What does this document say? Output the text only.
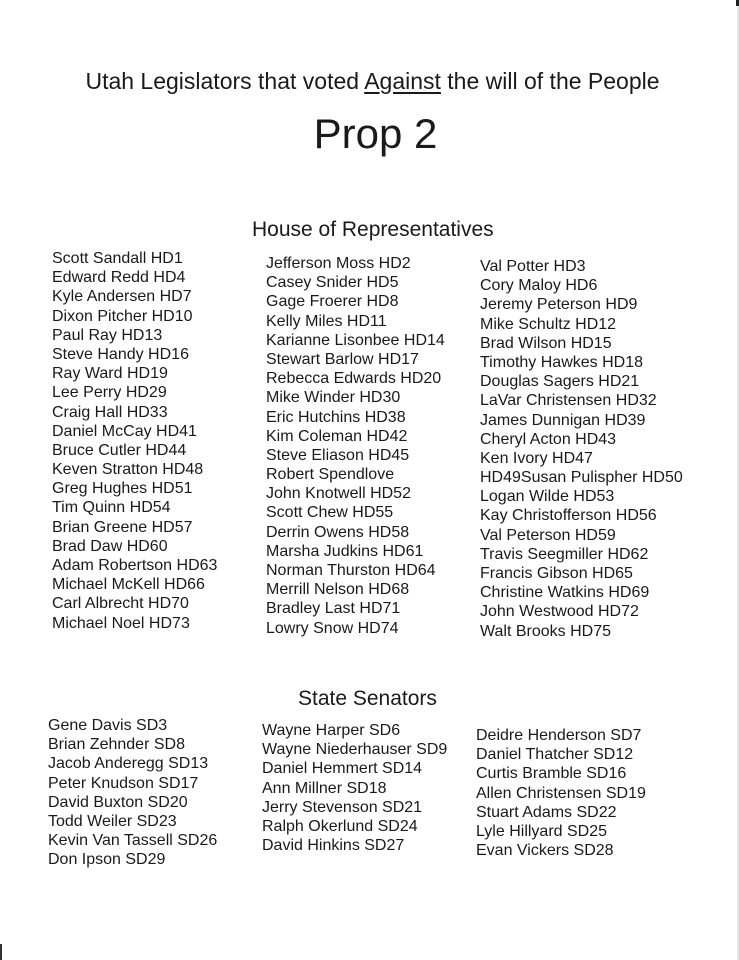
Utah Legislators that voted Against the will of the People
Prop 2
House of Representatives
Scott Sandall HD1
Edward Redd HD4
Kyle Andersen HD7
Dixon Pitcher HD10
Paul Ray HD13
Steve Handy HD16
Ray Ward HD19
Lee Perry HD29
Craig Hall HD33
Daniel McCay HD41
Bruce Cutler HD44
Keven Stratton HD48
Greg Hughes HD51
Tim Quinn HD54
Brian Greene HD57
Brad Daw HD60
Adam Robertson HD63
Michael McKell HD66
Carl Albrecht HD70
Michael Noel HD73
Jefferson Moss HD2
Casey Snider HD5
Gage Froerer HD8
Kelly Miles HD11
Karianne Lisonbee HD14
Stewart Barlow HD17
Rebecca Edwards HD20
Mike Winder HD30
Eric Hutchins HD38
Kim Coleman HD42
Steve Eliason HD45
Robert Spendlove
John Knotwell HD52
Scott Chew HD55
Derrin Owens HD58
Marsha Judkins HD61
Norman Thurston HD64
Merrill Nelson HD68
Bradley Last HD71
Lowry Snow HD74
Val Potter HD3
Cory Maloy HD6
Jeremy Peterson HD9
Mike Schultz HD12
Brad Wilson HD15
Timothy Hawkes HD18
Douglas Sagers HD21
LaVar Christensen HD32
James Dunnigan HD39
Cheryl Acton HD43
Ken Ivory HD47
HD49Susan Pulispher HD50
Logan Wilde HD53
Kay Christofferson HD56
Val Peterson HD59
Travis Seegmiller HD62
Francis Gibson HD65
Christine Watkins HD69
John Westwood HD72
Walt Brooks HD75
State Senators
Gene Davis SD3
Brian Zehnder SD8
Jacob Anderegg SD13
Peter Knudson SD17
David Buxton SD20
Todd Weiler SD23
Kevin Van Tassell SD26
Don Ipson SD29
Wayne Harper SD6
Wayne Niederhauser SD9
Daniel Hemmert SD14
Ann Millner SD18
Jerry Stevenson SD21
Ralph Okerlund SD24
David Hinkins SD27
Deidre Henderson SD7
Daniel Thatcher SD12
Curtis Bramble SD16
Allen Christensen SD19
Stuart Adams SD22
Lyle Hillyard SD25
Evan Vickers SD28
